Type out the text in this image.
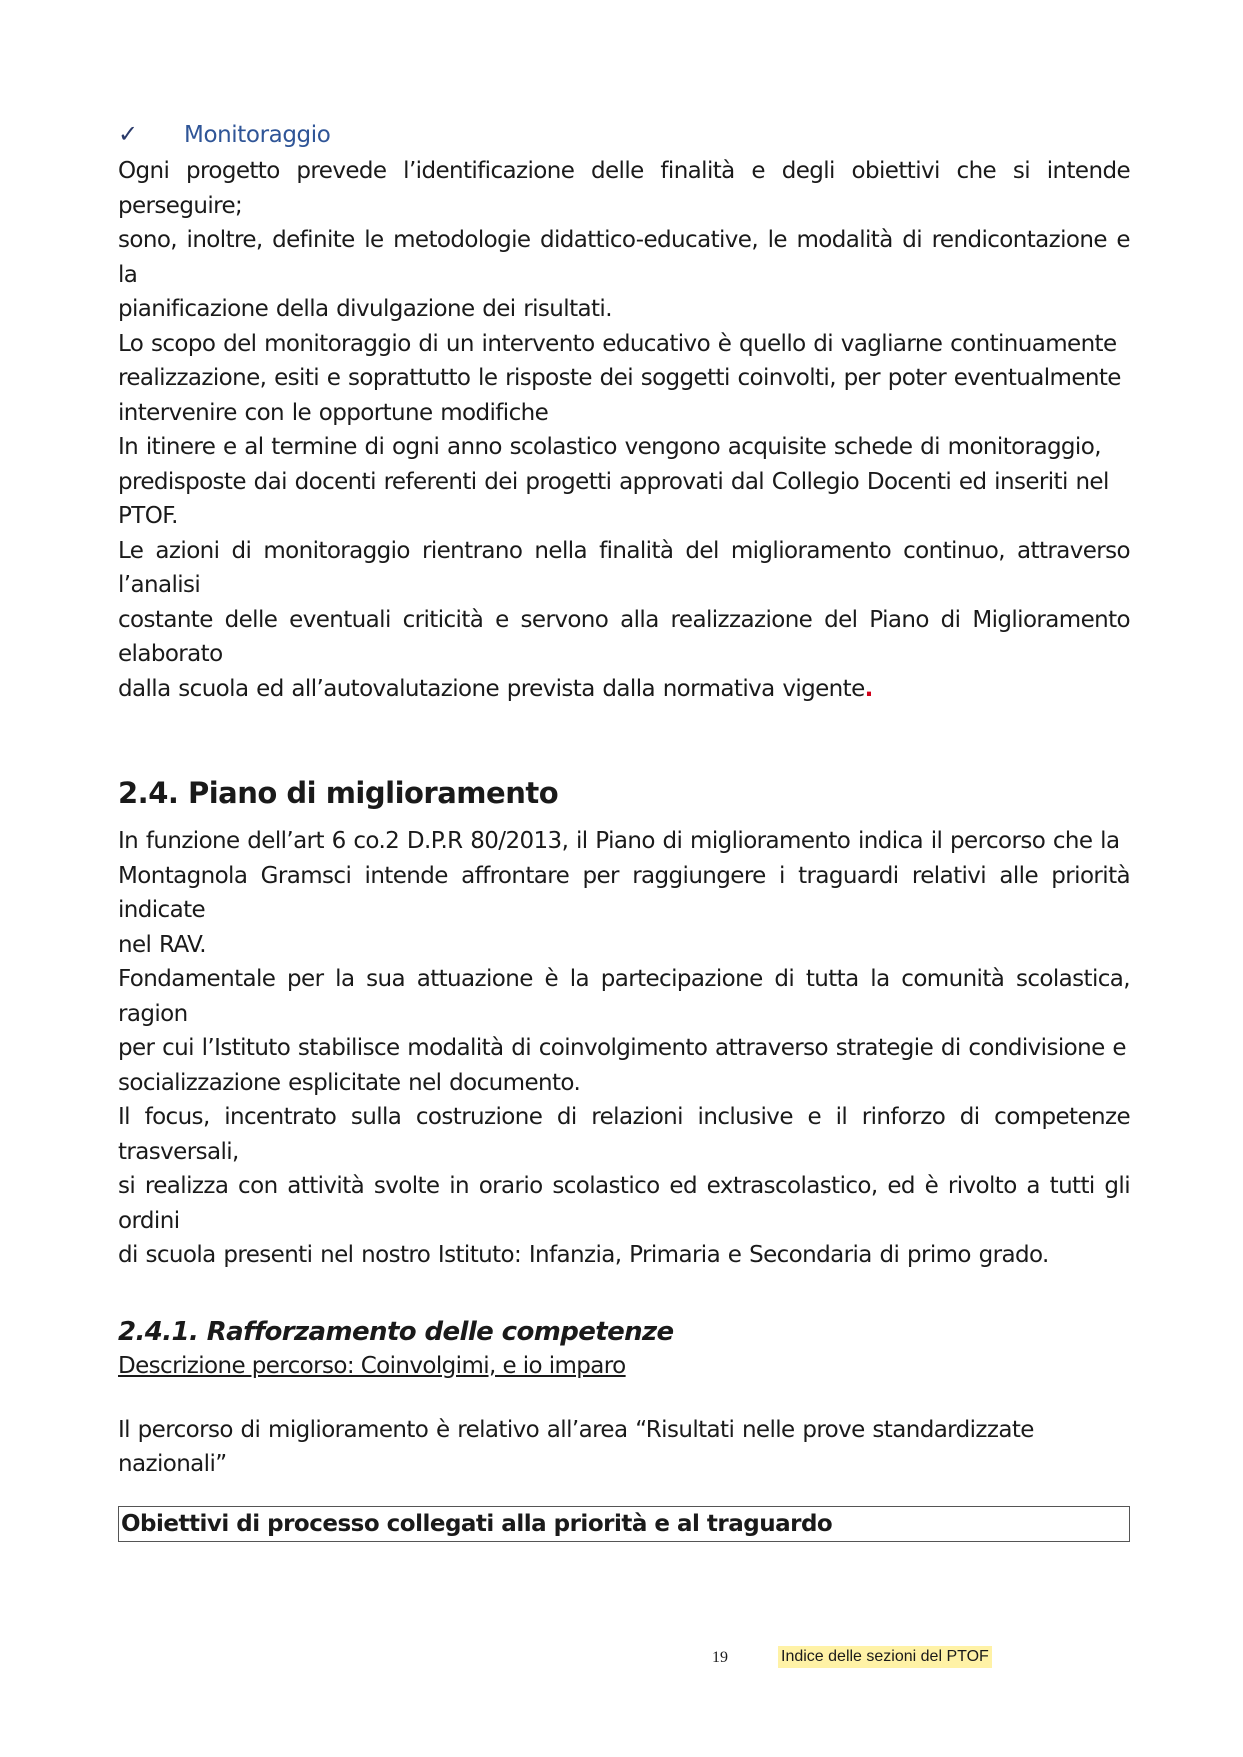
✓	Monitoraggio

Ogni progetto prevede l’identificazione delle finalità e degli obiettivi che si intende perseguire;

sono, inoltre, definite le metodologie didattico-educative, le modalità di rendicontazione e la

pianificazione della divulgazione dei risultati.

Lo scopo del monitoraggio di un intervento educativo è quello di vagliarne continuamente

realizzazione, esiti e soprattutto le risposte dei soggetti coinvolti, per poter eventualmente

intervenire con le opportune modifiche

In itinere e al termine di ogni anno scolastico vengono acquisite schede di monitoraggio,

predisposte dai docenti referenti dei progetti approvati dal Collegio Docenti ed inseriti nel PTOF.

Le azioni di monitoraggio rientrano nella finalità del miglioramento continuo, attraverso l’analisi

costante delle eventuali criticità e servono alla realizzazione del Piano di Miglioramento elaborato

dalla scuola ed all’autovalutazione prevista dalla normativa vigente.

2.4. Piano di miglioramento

In funzione dell’art 6 co.2 D.P.R 80/2013, il Piano di miglioramento indica il percorso che la

Montagnola Gramsci intende affrontare per raggiungere i traguardi relativi alle priorità indicate

nel RAV.

Fondamentale per la sua attuazione è la partecipazione di tutta la comunità scolastica, ragion

per cui l’Istituto stabilisce modalità di coinvolgimento attraverso strategie di condivisione e

socializzazione esplicitate nel documento.

Il focus, incentrato sulla costruzione di relazioni inclusive e il rinforzo di competenze trasversali,

si realizza con attività svolte in orario scolastico ed extrascolastico, ed è rivolto a tutti gli ordini

di scuola presenti nel nostro Istituto: Infanzia, Primaria e Secondaria di primo grado.

2.4.1. Rafforzamento delle competenze

Descrizione percorso: Coinvolgimi, e io imparo

Il percorso di miglioramento è relativo all’area “Risultati nelle prove standardizzate nazionali”

Obiettivi di processo collegati alla priorità e al traguardo
19	Indice delle sezioni del PTOF
